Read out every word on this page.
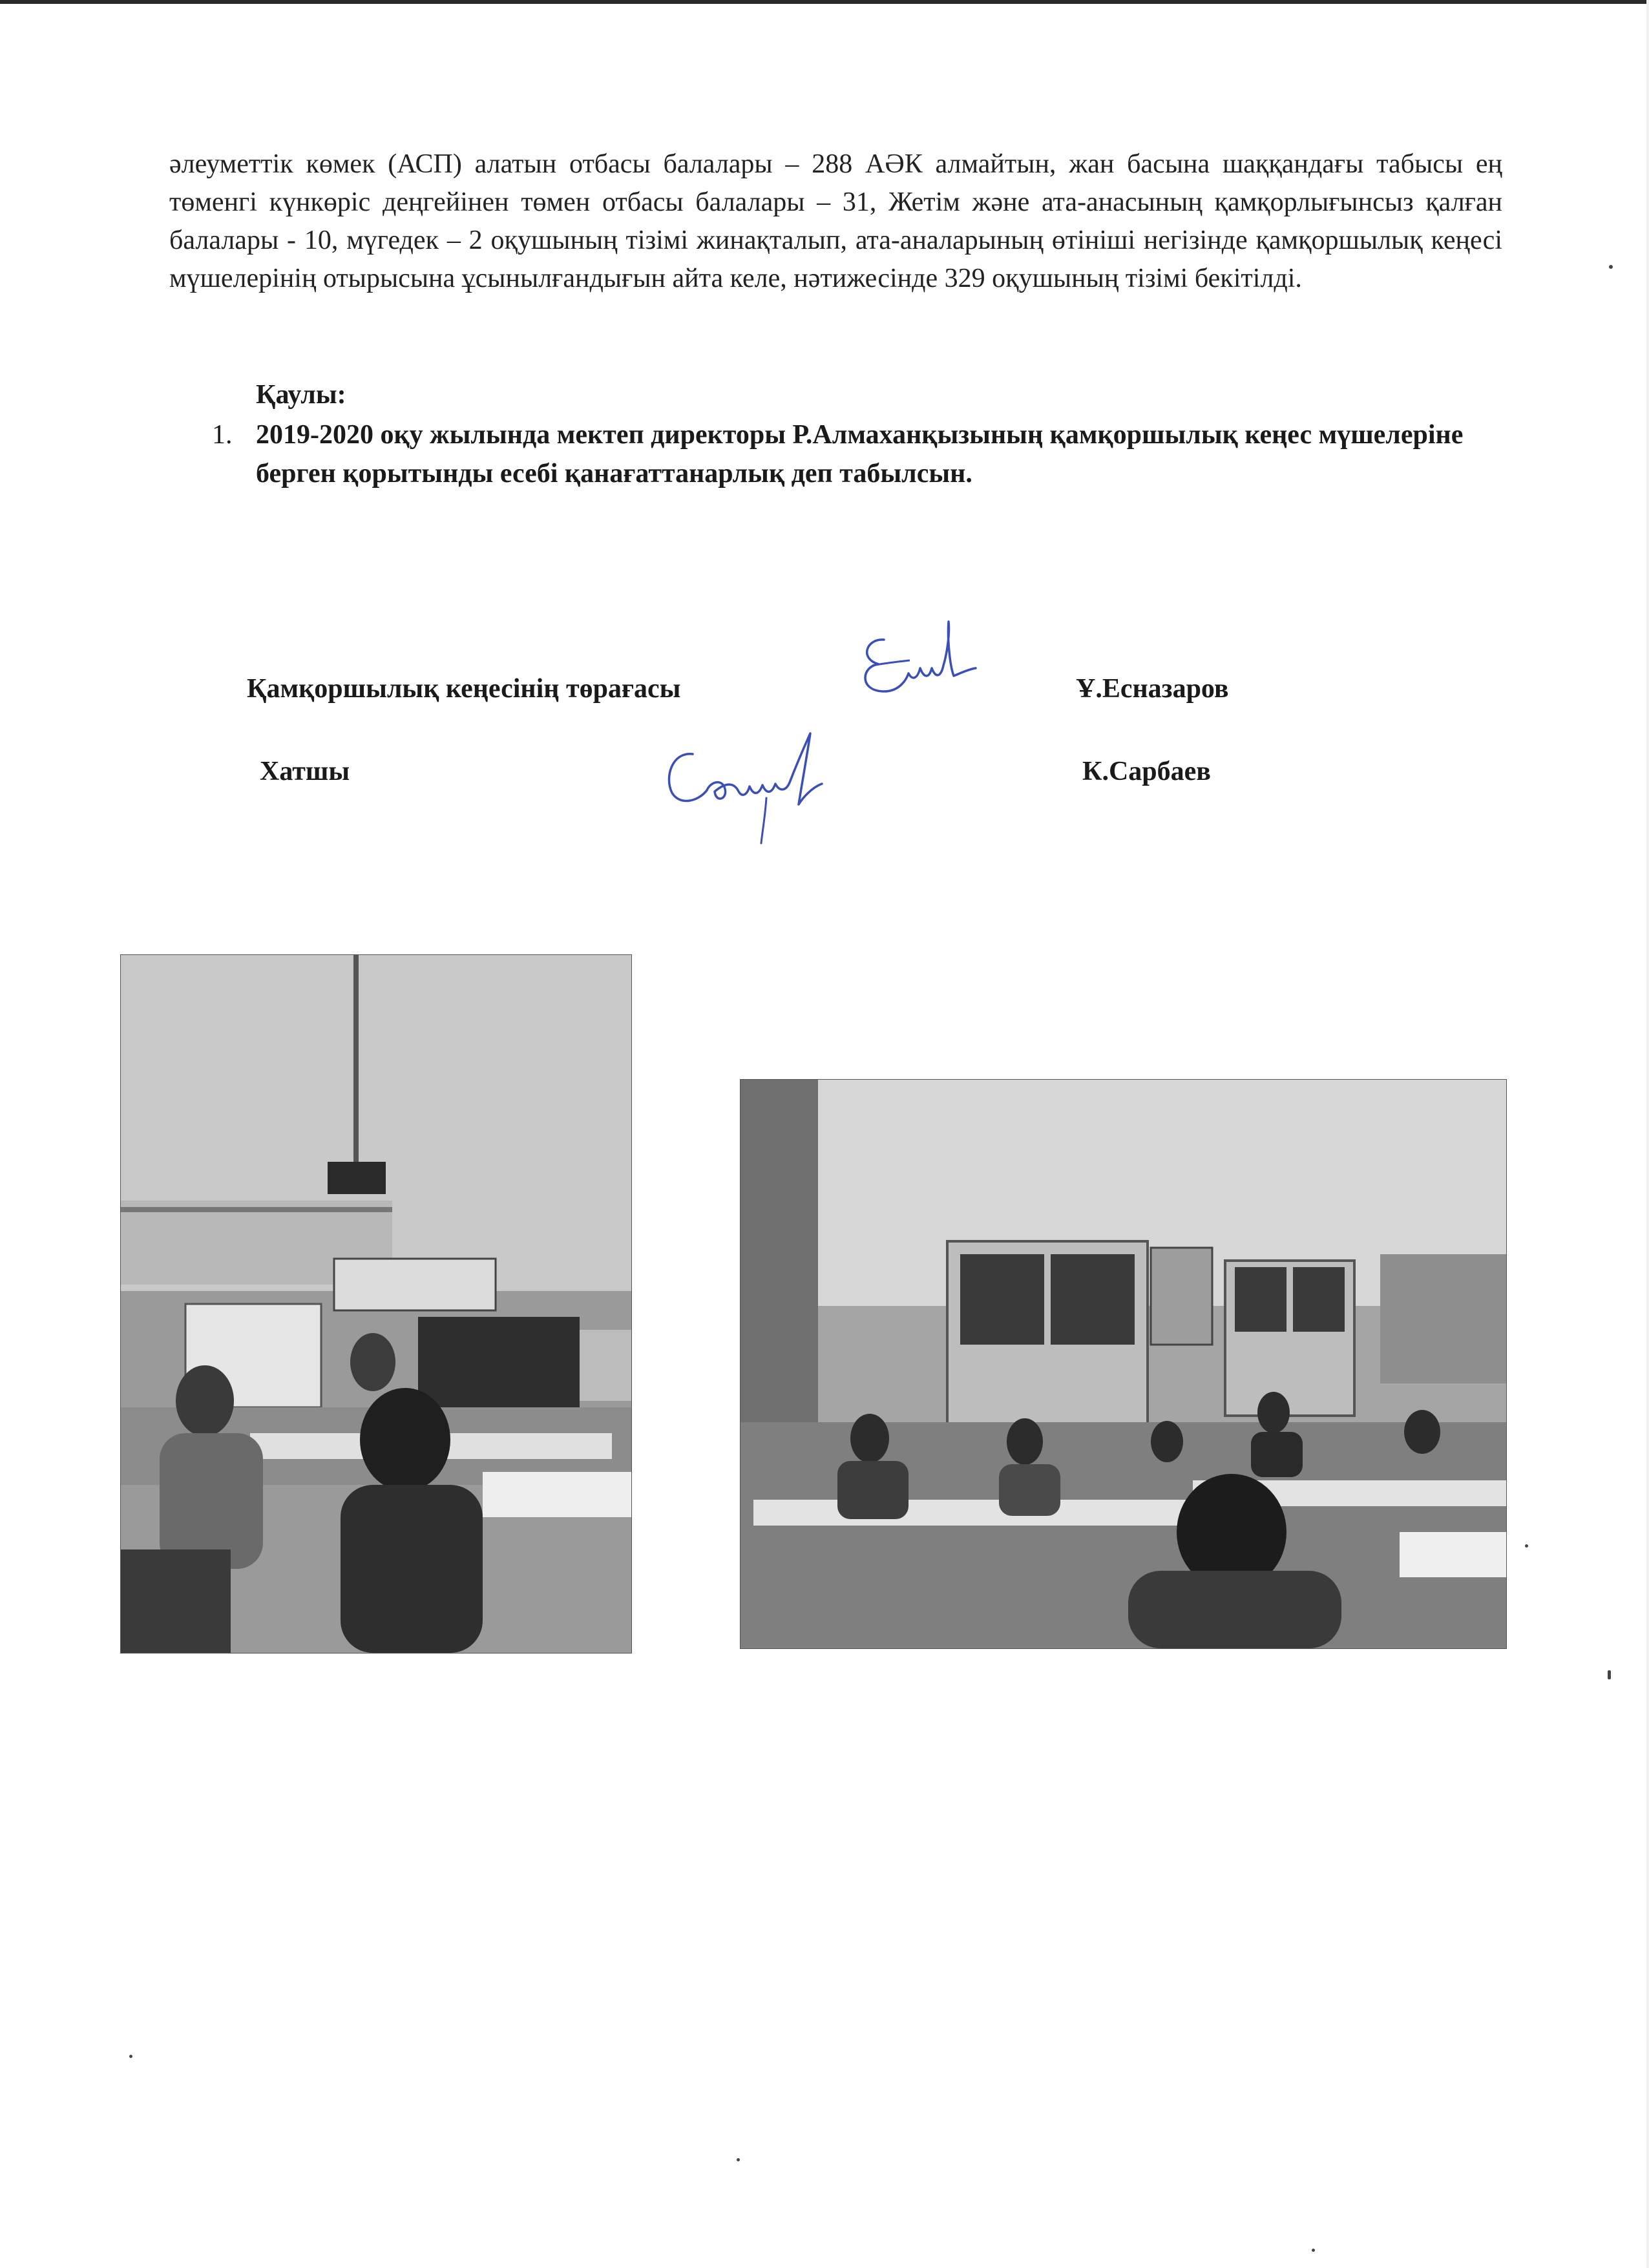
әлеуметтік көмек (АСП) алатын отбасы балалары – 288 АӘК алмайтын, жан басына шаққандағы табысы ең төменгі күнкөріс деңгейінен төмен отбасы балалары – 31, Жетім және ата-анасының қамқорлығынсыз қалған балалары - 10, мүгедек – 2 оқушының тізімі жинақталып, ата-аналарының өтініші негізінде қамқоршылық кеңесі мүшелерінің отырысына ұсынылғандығын айта келе, нәтижесінде 329 оқушының тізімі бекітілді.

Қаулы:

1. 2019-2020 оқу жылында мектеп директоры Р.Алмаханқызының қамқоршылық кеңес мүшелеріне берген қорытынды есебі қанағаттанарлық деп табылсын.

Қамқоршылық кеңесінің төрағасы	Ұ.Есназаров

Хатшы	К.Сарбаев
